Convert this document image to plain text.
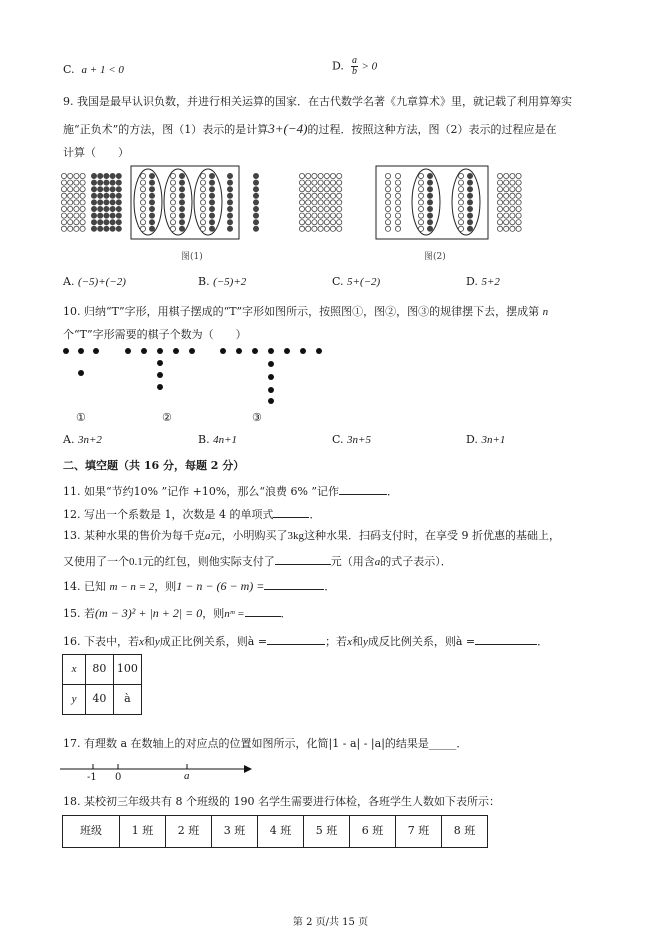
C. a + 1 < 0	D. $\frac{a}{b} > 0$
9. 我国是最早认识负数，并进行相关运算的国家．在古代数学名著《九章算术》里，就记载了利用算筹实
施“正负术”的方法，图（1）表示的是计算3+(−4)的过程．按照这种方法，图（2）表示的过程应是在
计算（　　）
图(1)	图(2)
A. (−5)+(−2)	B. (−5)+2	C. 5+(−2)	D. 5+2
10. 归纳“T”字形，用棋子摆成的“T”字形如图所示，按照图①，图②，图③的规律摆下去，摆成第 n
个“T”字形需要的棋子个数为（　　）
①	②	③
A. 3n+2	B. 4n+1	C. 3n+5	D. 3n+1
二、填空题（共 16 分，每题 2 分）
11. 如果“节约10% ”记作 +10%，那么“浪费 6% ”记作	．
12. 写出一个系数是 1，次数是 4 的单项式	．
13. 某种水果的售价为每千克a元，小明购买了3kg这种水果．扫码支付时，在享受 9 折优惠的基础上，
又使用了一个0.1元的红包，则他实际支付了	元（用含a的式子表示）．
14. 已知 m − n = 2，则1 − n − (6 − m) =	．
15. 若(m − 3)² + |n + 2| = 0，则nᵐ =	．
16. 下表中，若x和y成正比例关系，则à =	；若x和y成反比例关系，则à =	．
x	80	100
y	40	à
17. 有理数 a 在数轴上的对应点的位置如图所示，化简|1 - a| - |a|的结果是_____．
-1 0	a
18. 某校初三年级共有 8 个班级的 190 名学生需要进行体检，各班学生人数如下表所示：
班级	1 班	2 班	3 班	4 班	5 班	6 班	7 班	8 班
第 2 页/共 15 页
